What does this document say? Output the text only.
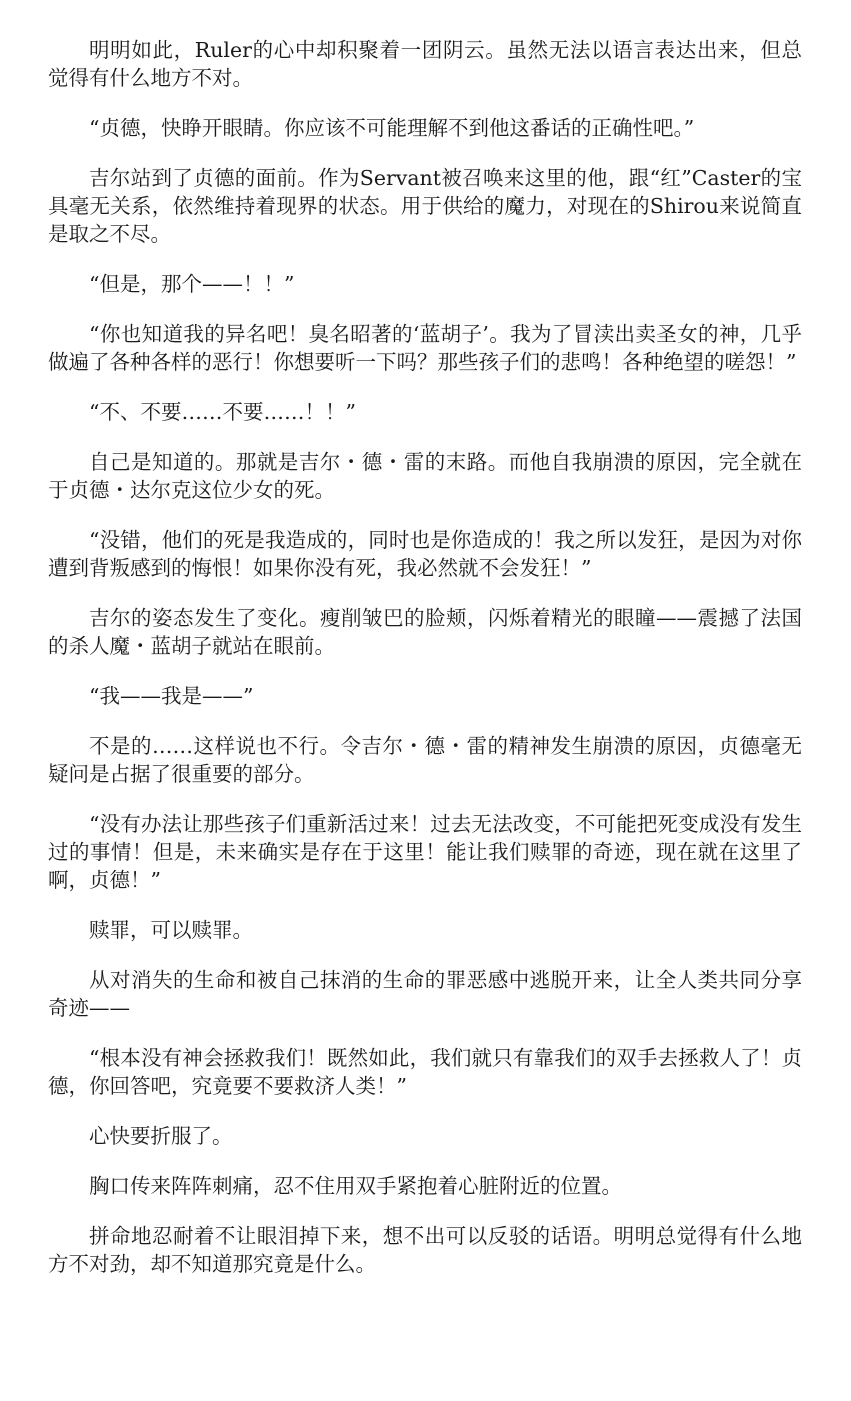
明明如此，Ruler的心中却积聚着一团阴云。虽然无法以语言表达出来，但总觉得有什么地方不对。

“贞德，快睁开眼睛。你应该不可能理解不到他这番话的正确性吧。”

吉尔站到了贞德的面前。作为Servant被召唤来这里的他，跟“红”Caster的宝具毫无关系，依然维持着现界的状态。用于供给的魔力，对现在的Shirou来说简直是取之不尽。

“但是，那个——！！”

“你也知道我的异名吧！臭名昭著的‘蓝胡子’。我为了冒渎出卖圣女的神，几乎做遍了各种各样的恶行！你想要听一下吗？那些孩子们的悲鸣！各种绝望的嗟怨！”

“不、不要……不要……！！”

自己是知道的。那就是吉尔・德・雷的末路。而他自我崩溃的原因，完全就在于贞德・达尔克这位少女的死。

“没错，他们的死是我造成的，同时也是你造成的！我之所以发狂，是因为对你遭到背叛感到的悔恨！如果你没有死，我必然就不会发狂！”

吉尔的姿态发生了变化。瘦削皱巴的脸颊，闪烁着精光的眼瞳——震撼了法国的杀人魔・蓝胡子就站在眼前。

“我——我是——”

不是的……这样说也不行。令吉尔・德・雷的精神发生崩溃的原因，贞德毫无疑问是占据了很重要的部分。

“没有办法让那些孩子们重新活过来！过去无法改变，不可能把死变成没有发生过的事情！但是，未来确实是存在于这里！能让我们赎罪的奇迹，现在就在这里了啊，贞德！”

赎罪，可以赎罪。

从对消失的生命和被自己抹消的生命的罪恶感中逃脱开来，让全人类共同分享奇迹——

“根本没有神会拯救我们！既然如此，我们就只有靠我们的双手去拯救人了！贞德，你回答吧，究竟要不要救济人类！”

心快要折服了。

胸口传来阵阵刺痛，忍不住用双手紧抱着心脏附近的位置。

拼命地忍耐着不让眼泪掉下来，想不出可以反驳的话语。明明总觉得有什么地方不对劲，却不知道那究竟是什么。
